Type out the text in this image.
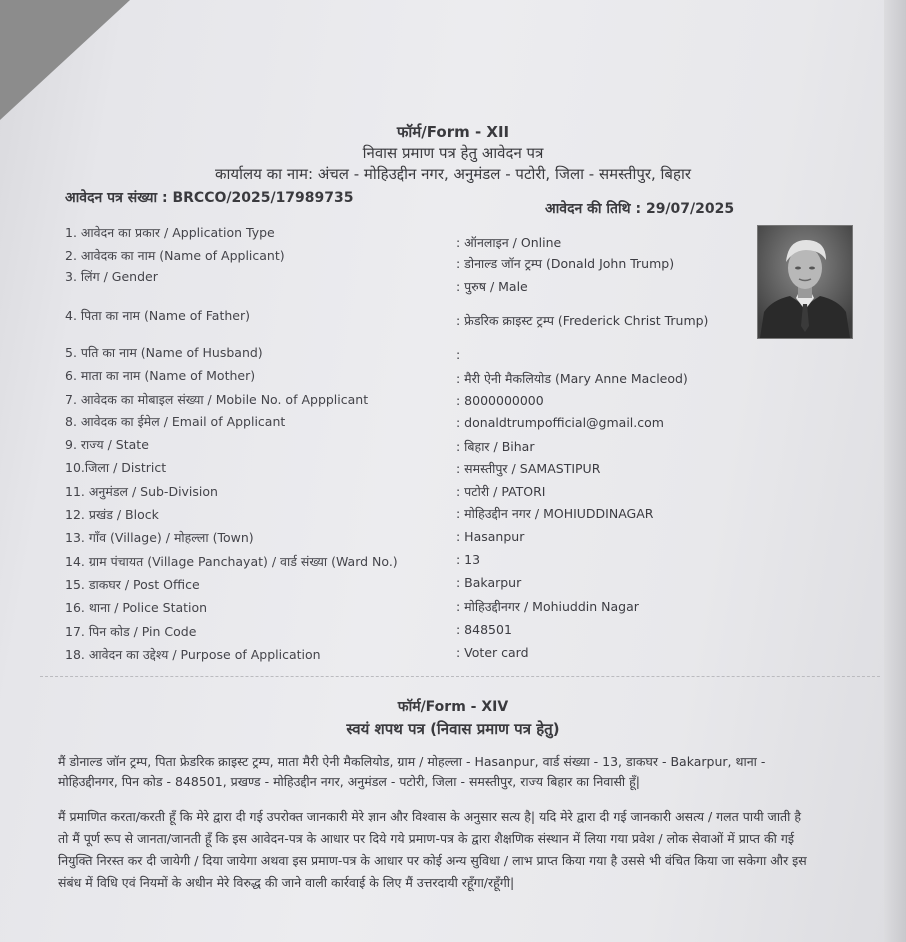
फॉर्म/Form - XII
निवास प्रमाण पत्र हेतु आवेदन पत्र
कार्यालय का नाम: अंचल - मोहिउद्दीन नगर, अनुमंडल - पटोरी, जिला - समस्तीपुर, बिहार
आवेदन पत्र संख्या : BRCCO/2025/17989735
आवेदन की तिथि : 29/07/2025
1. आवेदन का प्रकार / Application Type
2. आवेदक का नाम (Name of Applicant)
3. लिंग / Gender
4. पिता का नाम (Name of Father)
5. पति का नाम (Name of Husband)
6. माता का नाम (Name of Mother)
7. आवेदक का मोबाइल संख्या / Mobile No. of Appplicant
8. आवेदक का ईमेल / Email of Applicant
9. राज्य / State
10.जिला / District
11. अनुमंडल / Sub-Division
12. प्रखंड / Block
13. गाँव (Village) / मोहल्ला (Town)
14. ग्राम पंचायत (Village Panchayat) / वार्ड संख्या (Ward No.)
15. डाकघर / Post Office
16. थाना / Police Station
17. पिन कोड / Pin Code
18. आवेदन का उद्देश्य / Purpose of Application
: ऑनलाइन / Online
: डोनाल्ड जॉन ट्रम्प (Donald John Trump)
: पुरुष / Male
: फ्रेडरिक क्राइस्ट ट्रम्प (Frederick Christ Trump)
:
: मैरी ऐनी मैकलियोड (Mary Anne Macleod)
: 8000000000
: donaldtrumpofficial@gmail.com
: बिहार / Bihar
: समस्तीपुर / SAMASTIPUR
: पटोरी / PATORI
: मोहिउद्दीन नगर / MOHIUDDINAGAR
: Hasanpur
: 13
: Bakarpur
: मोहिउद्दीनगर / Mohiuddin Nagar
: 848501
: Voter card
फॉर्म/Form - XIV
स्वयं शपथ पत्र (निवास प्रमाण पत्र हेतु)
मैं डोनाल्ड जॉन ट्रम्प, पिता फ्रेडरिक क्राइस्ट ट्रम्प, माता मैरी ऐनी मैकलियोड, ग्राम / मोहल्ला - Hasanpur, वार्ड संख्या - 13, डाकघर - Bakarpur, थाना -
मोहिउद्दीनगर, पिन कोड - 848501, प्रखण्ड - मोहिउद्दीन नगर, अनुमंडल - पटोरी, जिला - समस्तीपुर, राज्य बिहार का निवासी हूँ|
मैं प्रमाणित करता/करती हूँ कि मेरे द्वारा दी गई उपरोक्त जानकारी मेरे ज्ञान और विश्वास के अनुसार सत्य है| यदि मेरे द्वारा दी गई जानकारी असत्य / गलत पायी जाती है
तो मैं पूर्ण रूप से जानता/जानती हूँ कि इस आवेदन-पत्र के आधार पर दिये गये प्रमाण-पत्र के द्वारा शैक्षणिक संस्थान में लिया गया प्रवेश / लोक सेवाओं में प्राप्त की गई
नियुक्ति निरस्त कर दी जायेगी / दिया जायेगा अथवा इस प्रमाण-पत्र के आधार पर कोई अन्य सुविधा / लाभ प्राप्त किया गया है उससे भी वंचित किया जा सकेगा और इस
संबंध में विधि एवं नियमों के अधीन मेरे विरुद्ध की जाने वाली कार्रवाई के लिए मैं उत्तरदायी रहूँगा/रहूँगी|
